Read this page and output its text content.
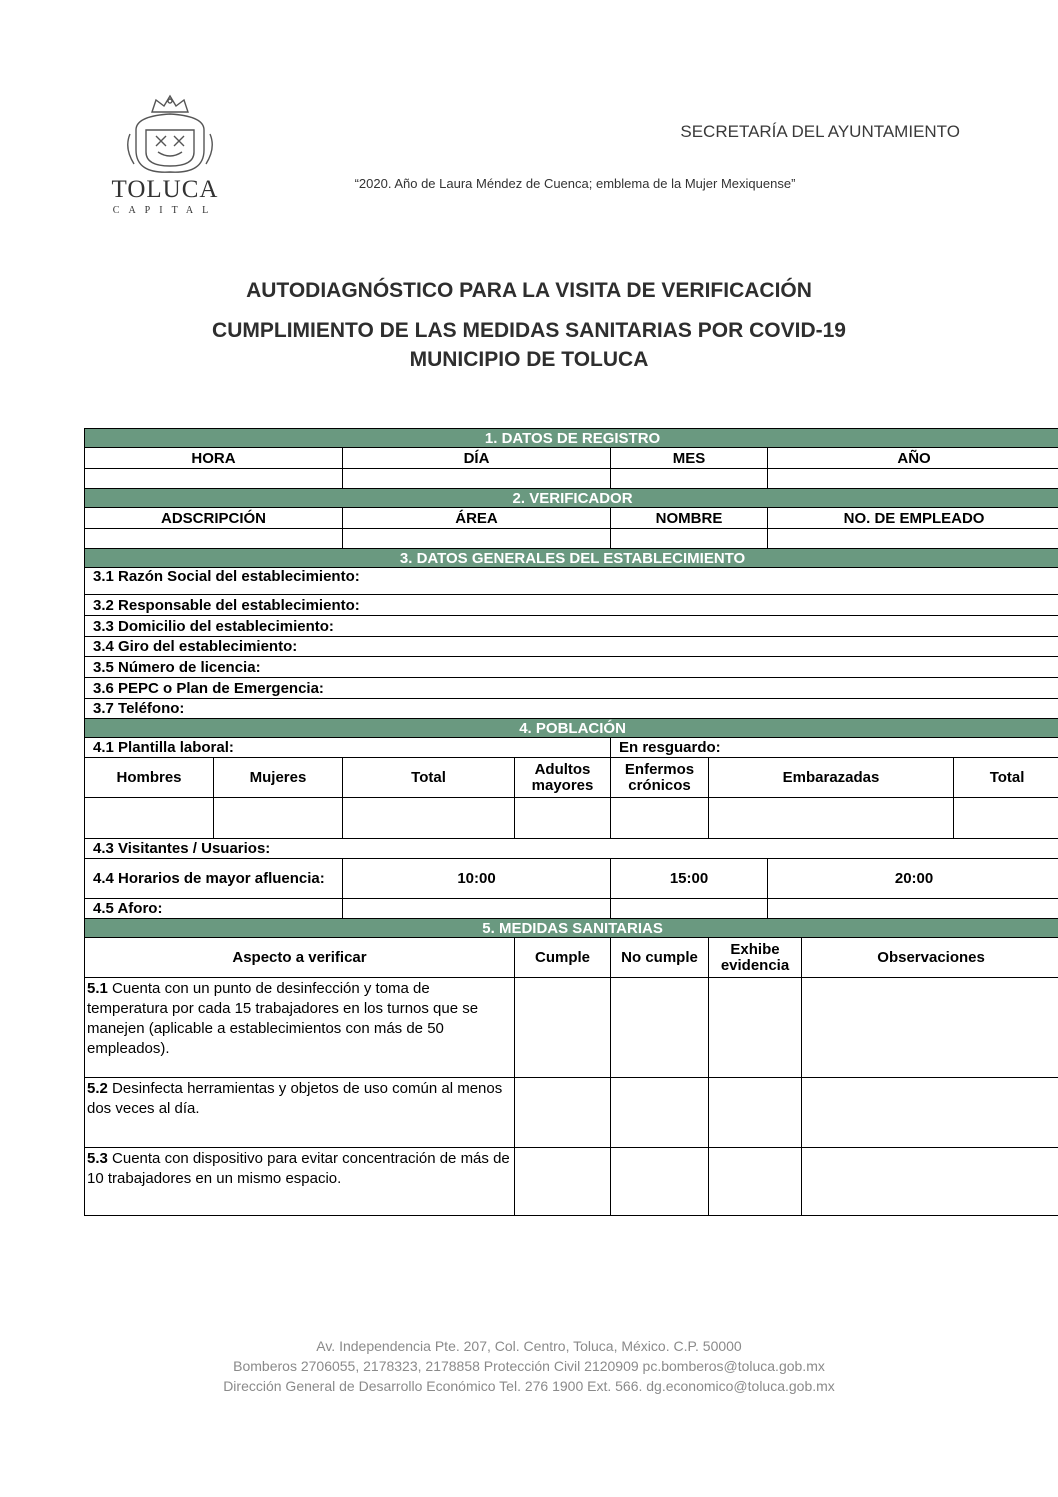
TOLUCA
CAPITAL
SECRETARÍA DEL AYUNTAMIENTO
“2020. Año de Laura Méndez de Cuenca; emblema de la Mujer Mexiquense”
AUTODIAGNÓSTICO PARA LA VISITA DE VERIFICACIÓN
CUMPLIMIENTO DE LAS MEDIDAS SANITARIAS POR COVID-19
MUNICIPIO DE TOLUCA
1. DATOS DE REGISTRO								
HORA		DÍA		MES		AÑO		

2. VERIFICADOR								
ADSCRIPCIÓN		ÁREA		NOMBRE		NO. DE EMPLEADO		

3. DATOS GENERALES DEL ESTABLECIMIENTO								
3.1 Razón Social del establecimiento:								
3.2 Responsable del establecimiento:								
3.3 Domicilio del establecimiento:								
3.4 Giro del establecimiento:								
3.5 Número de licencia:								
3.6 PEPC o Plan de Emergencia:								
3.7 Teléfono:								
4. POBLACIÓN								
4.1 Plantilla laboral:				En resguardo:				
Hombres	Mujeres	Total	Adultos mayores	Enfermos crónicos	Embarazadas			Total

4.3 Visitantes / Usuarios:								
4.4 Horarios de mayor afluencia:		10:00		15:00		20:00		
4.5 Aforo:								
5. MEDIDAS SANITARIAS								
Aspecto a verificar			Cumple	No cumple	Exhibe evidencia		Observaciones	
5.1 Cuenta con un punto de desinfección y toma de temperatura por cada 15 trabajadores en los turnos que se manejen (aplicable a establecimientos con más de 50 empleados).								
5.2 Desinfecta herramientas y objetos de uso común al menos dos veces al día.								
5.3 Cuenta con dispositivo para evitar concentración de más de 10 trabajadores en un mismo espacio.								
Av. Independencia Pte. 207, Col. Centro, Toluca, México. C.P. 50000
Bomberos 2706055, 2178323, 2178858 Protección Civil 2120909 pc.bomberos@toluca.gob.mx
Dirección General de Desarrollo Económico Tel. 276 1900 Ext. 566. dg.economico@toluca.gob.mx
